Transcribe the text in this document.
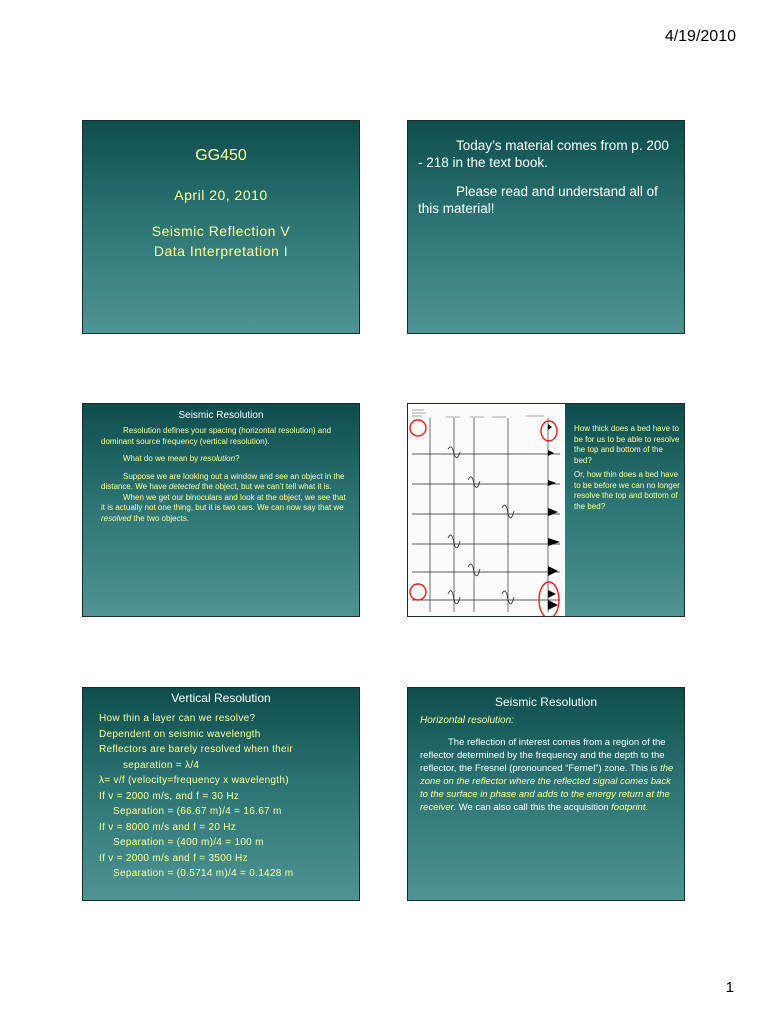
4/19/2010
GG450
April 20, 2010
Seismic Reflection V
Data Interpretation I

Today’s material comes from p. 200 - 218 in the text book.

Please read and understand all of this material!

Seismic Resolution

Resolution defines your spacing (horizontal resolution) and dominant source frequency (vertical resolution).

What do we mean by resolution?

Suppose we are looking out a window and see an object in the distance. We have detected the object, but we can’t tell what it is.

When we get our binoculars and look at the object, we see that it is actually not one thing, but it is two cars. We can now say that we resolved the two objects.

How thick does a bed have to be for us to be able to resolve the top and bottom of the bed?

Or, how thin does a bed have to be before we can no longer resolve the top and bottom of the bed?

Vertical Resolution
How thin a layer can we resolve?
Dependent on seismic wavelength
Reflectors are barely resolved when their
separation = λ/4
λ= v/f (velocity=frequency x wavelength)
If v = 2000 m/s, and f = 30 Hz
Separation = (66.67 m)/4 = 16.67 m
If v = 8000 m/s and f = 20 Hz
Separation = (400 m)/4 = 100 m
If v = 2000 m/s and f = 3500 Hz
Separation = (0.5714 m)/4 = 0.1428 m
Seismic Resolution
Horizontal resolution:
The reflection of interest comes from a region of the reflector determined by the frequency and the depth to the reflector, the Fresnel (pronounced “Fernel”) zone. This is the zone on the reflector where the reflected signal comes back to the surface in phase and adds to the energy return at the receiver. We can also call this the acquisition footprint.
1
